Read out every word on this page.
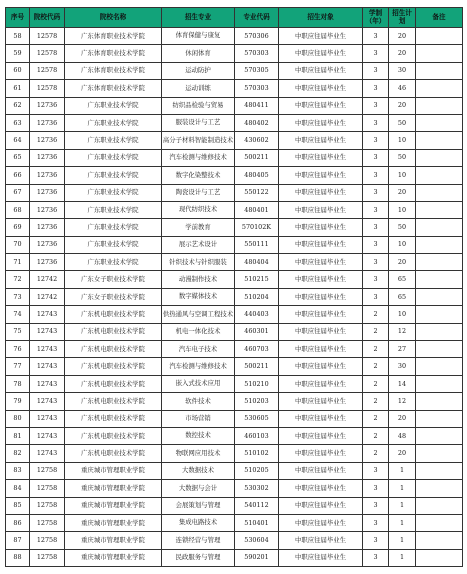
序号	院校代码	院校名称	招生专业	专业代码	招生对象	学制（年）	招生计划	备注
58	12578	广东体育职业技术学院	体育保健与康复	570306	中职应往届毕业生	3	20	
59	12578	广东体育职业技术学院	休闲体育	570303	中职应往届毕业生	3	20	
60	12578	广东体育职业技术学院	运动防护	570305	中职应往届毕业生	3	30	
61	12578	广东体育职业技术学院	运动训练	570303	中职应往届毕业生	3	46	
62	12736	广东职业技术学院	纺织品检验与贸易	480411	中职应往届毕业生	3	20	
63	12736	广东职业技术学院	服装设计与工艺	480402	中职应往届毕业生	3	50	
64	12736	广东职业技术学院	高分子材料智能制造技术	430602	中职应往届毕业生	3	10	
65	12736	广东职业技术学院	汽车检测与维修技术	500211	中职应往届毕业生	3	50	
66	12736	广东职业技术学院	数字化染整技术	480405	中职应往届毕业生	3	10	
67	12736	广东职业技术学院	陶瓷设计与工艺	550122	中职应往届毕业生	3	20	
68	12736	广东职业技术学院	现代纺织技术	480401	中职应往届毕业生	3	10	
69	12736	广东职业技术学院	学前教育	570102K	中职应往届毕业生	3	50	
70	12736	广东职业技术学院	展示艺术设计	550111	中职应往届毕业生	3	10	
71	12736	广东职业技术学院	针织技术与针织服装	480404	中职应往届毕业生	3	20	
72	12742	广东女子职业技术学院	动漫制作技术	510215	中职应往届毕业生	3	65	
73	12742	广东女子职业技术学院	数字媒体技术	510204	中职应往届毕业生	3	65	
74	12743	广东机电职业技术学院	供热通风与空调工程技术	440403	中职应往届毕业生	2	10	
75	12743	广东机电职业技术学院	机电一体化技术	460301	中职应往届毕业生	2	12	
76	12743	广东机电职业技术学院	汽车电子技术	460703	中职应往届毕业生	2	27	
77	12743	广东机电职业技术学院	汽车检测与维修技术	500211	中职应往届毕业生	2	30	
78	12743	广东机电职业技术学院	嵌入式技术应用	510210	中职应往届毕业生	2	14	
79	12743	广东机电职业技术学院	软件技术	510203	中职应往届毕业生	2	12	
80	12743	广东机电职业技术学院	市场营销	530605	中职应往届毕业生	2	20	
81	12743	广东机电职业技术学院	数控技术	460103	中职应往届毕业生	2	48	
82	12743	广东机电职业技术学院	物联网应用技术	510102	中职应往届毕业生	2	20	
83	12758	重庆城市管理职业学院	大数据技术	510205	中职应往届毕业生	3	1	
84	12758	重庆城市管理职业学院	大数据与会计	530302	中职应往届毕业生	3	1	
85	12758	重庆城市管理职业学院	会展策划与管理	540112	中职应往届毕业生	3	1	
86	12758	重庆城市管理职业学院	集成电路技术	510401	中职应往届毕业生	3	1	
87	12758	重庆城市管理职业学院	连锁经营与管理	530604	中职应往届毕业生	3	1	
88	12758	重庆城市管理职业学院	民政服务与管理	590201	中职应往届毕业生	3	1	
